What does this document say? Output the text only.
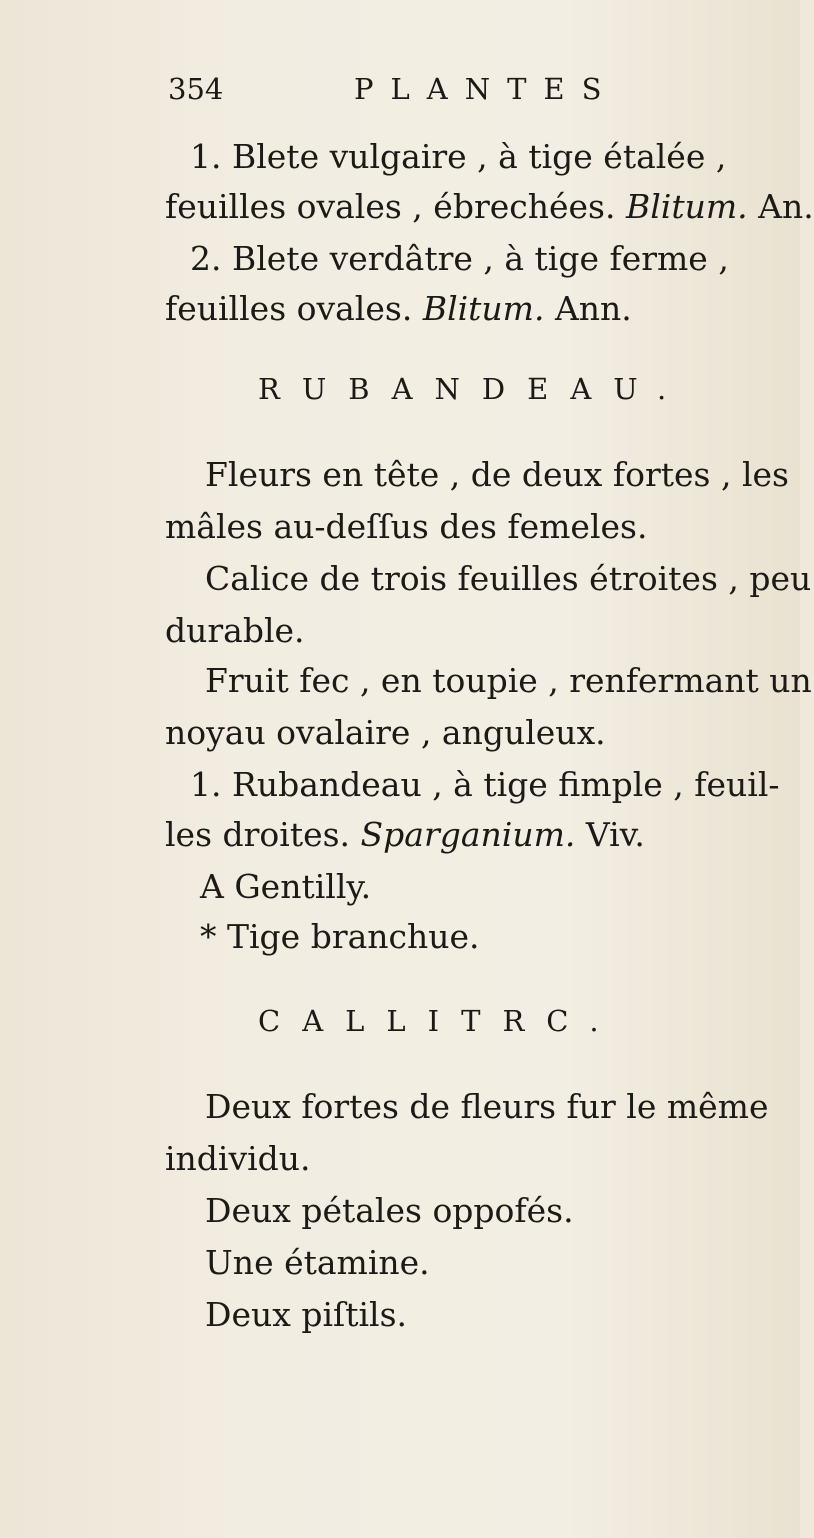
354	PLANTES
1. Blete vulgaire , à tige étalée ,
feuilles ovales , ébrechées. Blitum. An.
2. Blete verdâtre , à tige ferme ,
feuilles ovales. Blitum. Ann.
RUBANDEAU.
Fleurs en tête , de deux fortes , les
mâles au-deſſus des femeles.
Calice de trois feuilles étroites , peu
durable.
Fruit fec , en toupie , renfermant un
noyau ovalaire , anguleux.
1. Rubandeau , à tige fimple , feuil-
les droites. Sparganium. Viv.
A Gentilly.
* Tige branchue.
CALLITRC.
Deux fortes de fleurs fur le même
individu.
Deux pétales oppofés.
Une étamine.
Deux piſtils.
